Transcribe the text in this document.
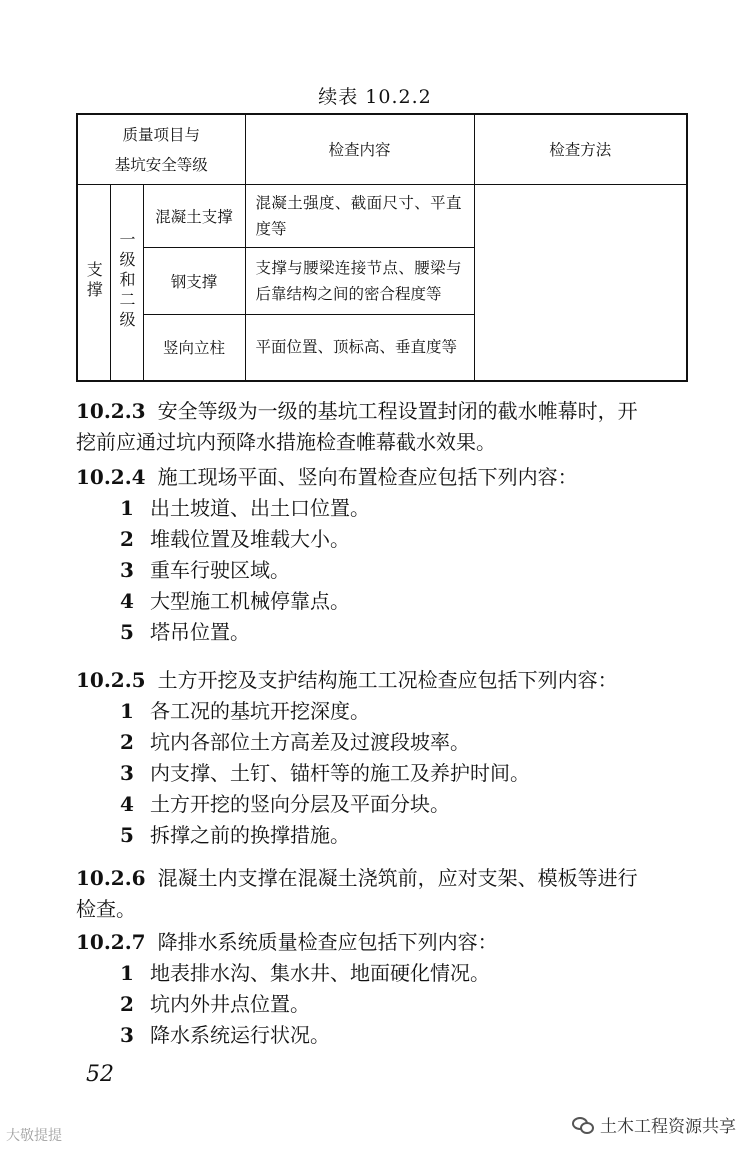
续表 10.2.2
质量项目与
基坑安全等级			检查内容	检查方法
支撑	一级和二级	混凝土支撑	混凝土强度、截面尺寸、平直度等	
		钢支撑	支撑与腰梁连接节点、腰梁与后靠结构之间的密合程度等	
		竖向立柱	平面位置、顶标高、垂直度等	
10.2.3 安全等级为一级的基坑工程设置封闭的截水帷幕时，开
挖前应通过坑内预降水措施检查帷幕截水效果。
10.2.4 施工现场平面、竖向布置检查应包括下列内容：
1 出土坡道、出土口位置。
2 堆载位置及堆载大小。
3 重车行驶区域。
4 大型施工机械停靠点。
5 塔吊位置。
10.2.5 土方开挖及支护结构施工工况检查应包括下列内容：
1 各工况的基坑开挖深度。
2 坑内各部位土方高差及过渡段坡率。
3 内支撑、土钉、锚杆等的施工及养护时间。
4 土方开挖的竖向分层及平面分块。
5 拆撑之前的换撑措施。
10.2.6 混凝土内支撑在混凝土浇筑前，应对支架、模板等进行
检查。
10.2.7 降排水系统质量检查应包括下列内容：
1 地表排水沟、集水井、地面硬化情况。
2 坑内外井点位置。
3 降水系统运行状况。
52
大敬提提	土木工程资源共享
